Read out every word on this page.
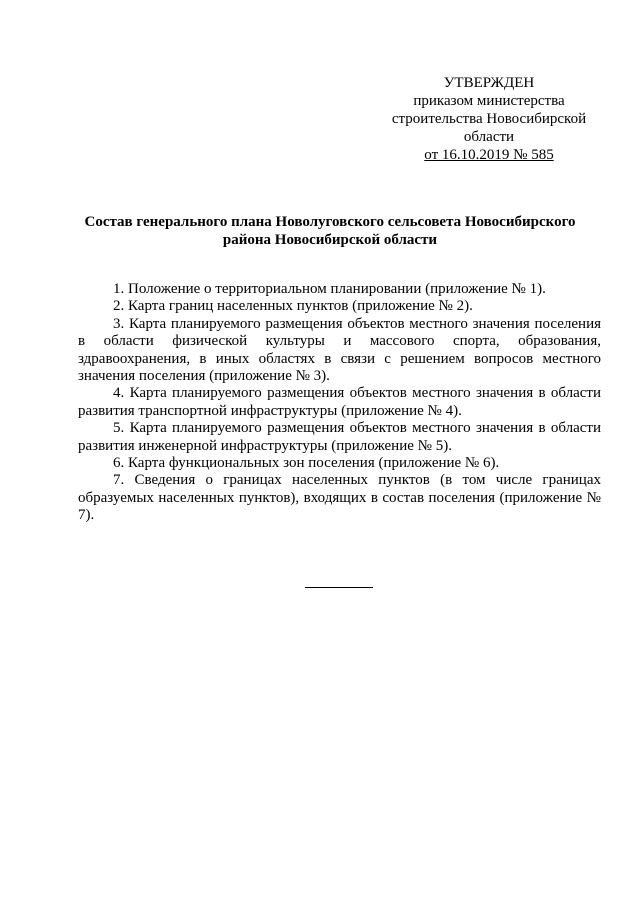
УТВЕРЖДЕН
приказом министерства
строительства Новосибирской
области
от 16.10.2019 № 585
Состав генерального плана Новолуговского сельсовета Новосибирского
района Новосибирской области

1. Положение о территориальном планировании (приложение № 1).

2. Карта границ населенных пунктов (приложение № 2).

3. Карта планируемого размещения объектов местного значения поселения в области физической культуры и массового спорта, образования, здравоохранения, в иных областях в связи с решением вопросов местного значения поселения (приложение № 3).

4. Карта планируемого размещения объектов местного значения в области развития транспортной инфраструктуры (приложение № 4).

5. Карта планируемого размещения объектов местного значения в области развития инженерной инфраструктуры (приложение № 5).

6. Карта функциональных зон поселения (приложение № 6).

7. Сведения о границах населенных пунктов (в том числе границах образуемых населенных пунктов), входящих в состав поселения (приложение № 7).
